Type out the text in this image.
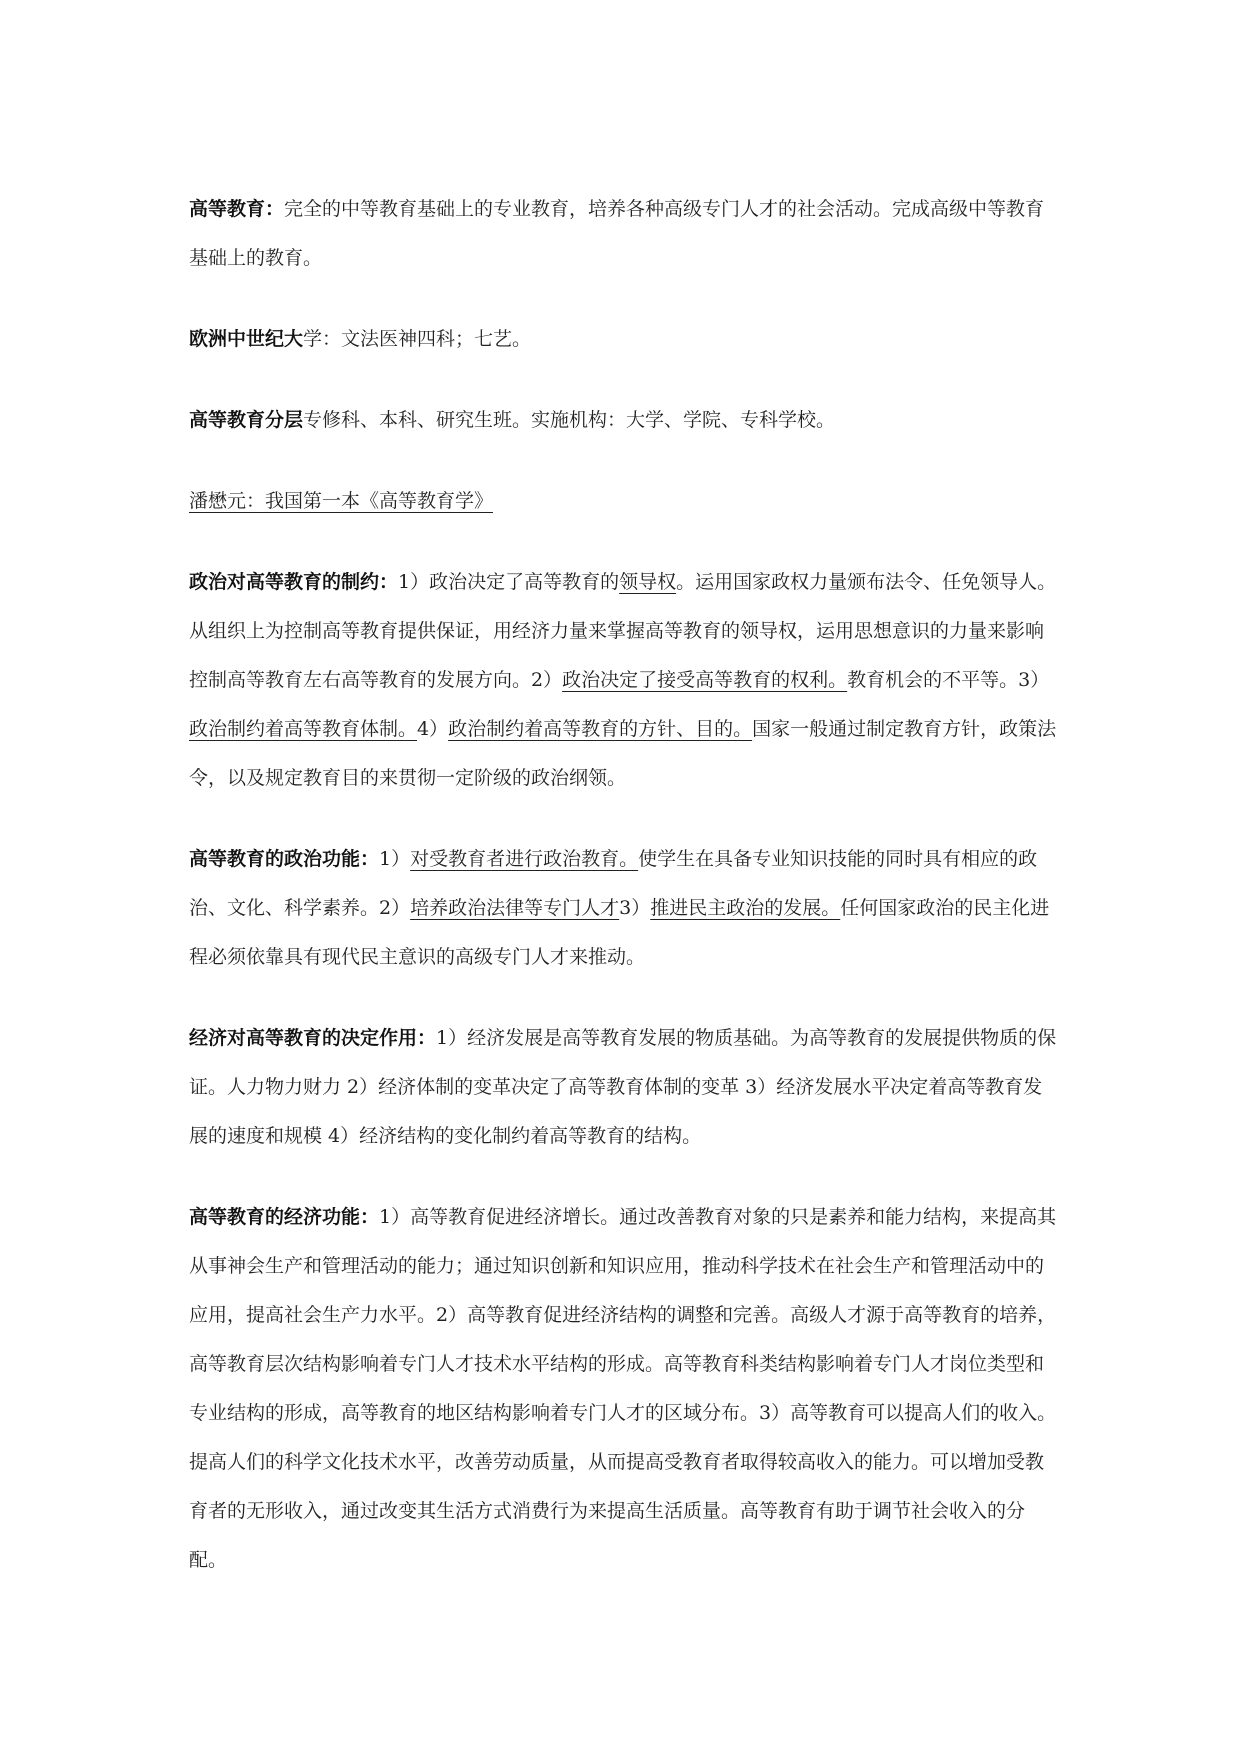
高等教育：完全的中等教育基础上的专业教育，培养各种高级专门人才的社会活动。完成高级中等教育基础上的教育。

欧洲中世纪大学：文法医神四科；七艺。

高等教育分层专修科、本科、研究生班。实施机构：大学、学院、专科学校。

潘懋元：我国第一本《高等教育学》

政治对高等教育的制约：1）政治决定了高等教育的领导权。运用国家政权力量颁布法令、任免领导人。从组织上为控制高等教育提供保证，用经济力量来掌握高等教育的领导权，运用思想意识的力量来影响控制高等教育左右高等教育的发展方向。2）政治决定了接受高等教育的权利。教育机会的不平等。3）政治制约着高等教育体制。4）政治制约着高等教育的方针、目的。国家一般通过制定教育方针，政策法令，以及规定教育目的来贯彻一定阶级的政治纲领。

高等教育的政治功能：1）对受教育者进行政治教育。使学生在具备专业知识技能的同时具有相应的政治、文化、科学素养。2）培养政治法律等专门人才3）推进民主政治的发展。任何国家政治的民主化进程必须依靠具有现代民主意识的高级专门人才来推动。

经济对高等教育的决定作用：1）经济发展是高等教育发展的物质基础。为高等教育的发展提供物质的保证。人力物力财力 2）经济体制的变革决定了高等教育体制的变革 3）经济发展水平决定着高等教育发展的速度和规模 4）经济结构的变化制约着高等教育的结构。

高等教育的经济功能：1）高等教育促进经济增长。通过改善教育对象的只是素养和能力结构，来提高其从事神会生产和管理活动的能力；通过知识创新和知识应用，推动科学技术在社会生产和管理活动中的应用，提高社会生产力水平。2）高等教育促进经济结构的调整和完善。高级人才源于高等教育的培养，高等教育层次结构影响着专门人才技术水平结构的形成。高等教育科类结构影响着专门人才岗位类型和专业结构的形成，高等教育的地区结构影响着专门人才的区域分布。3）高等教育可以提高人们的收入。提高人们的科学文化技术水平，改善劳动质量，从而提高受教育者取得较高收入的能力。可以增加受教育者的无形收入，通过改变其生活方式消费行为来提高生活质量。高等教育有助于调节社会收入的分配。
